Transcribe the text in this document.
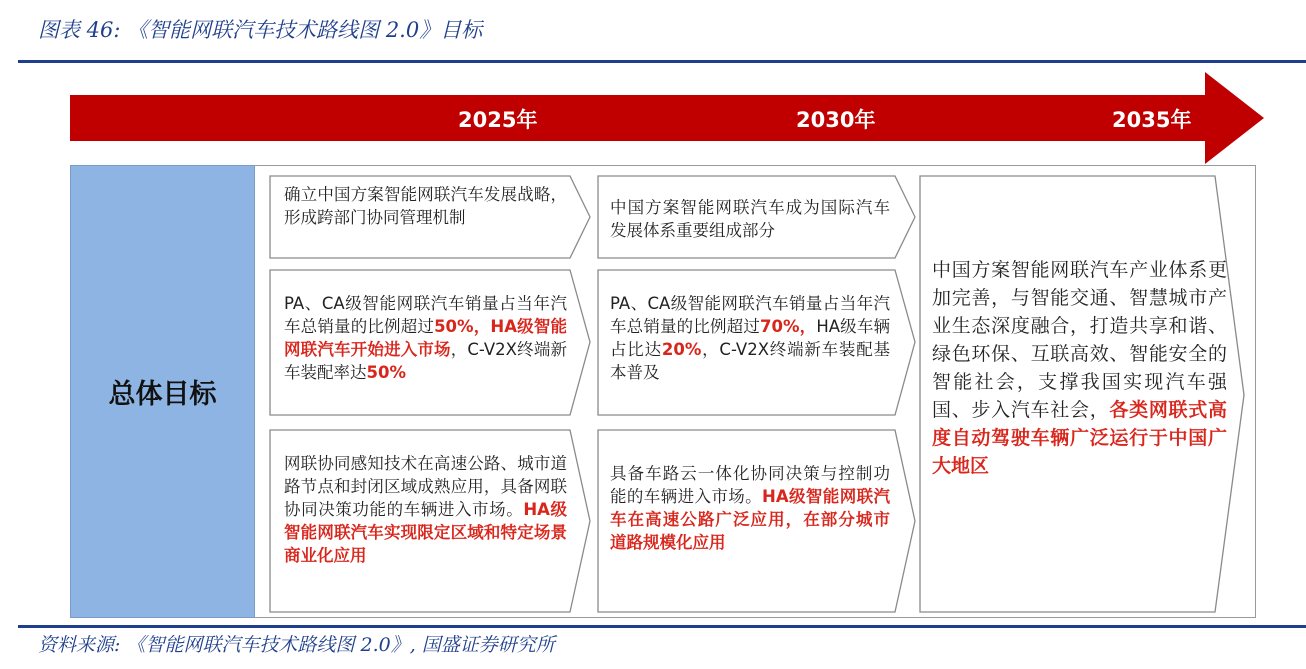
图表 46: 《智能网联汽车技术路线图 2.0》目标

2025年	2030年	2035年
总体目标

确立中国方案智能网联汽车发展战略，形成跨部门协同管理机制

PA、CA级智能网联汽车销量占当年汽车总销量的比例超过50%，HA级智能网联汽车开始进入市场，C-V2X终端新车装配率达50%

网联协同感知技术在高速公路、城市道路节点和封闭区域成熟应用，具备网联协同决策功能的车辆进入市场。HA级智能网联汽车实现限定区域和特定场景商业化应用

中国方案智能网联汽车成为国际汽车发展体系重要组成部分

PA、CA级智能网联汽车销量占当年汽车总销量的比例超过70%，HA级车辆占比达20%，C-V2X终端新车装配基本普及

具备车路云一体化协同决策与控制功能的车辆进入市场。HA级智能网联汽车在高速公路广泛应用，在部分城市道路规模化应用

中国方案智能网联汽车产业体系更加完善，与智能交通、智慧城市产业生态深度融合，打造共享和谐、绿色环保、互联高效、智能安全的智能社会，支撑我国实现汽车强国、步入汽车社会，各类网联式高度自动驾驶车辆广泛运行于中国广大地区

资料来源: 《智能网联汽车技术路线图 2.0》, 国盛证券研究所
